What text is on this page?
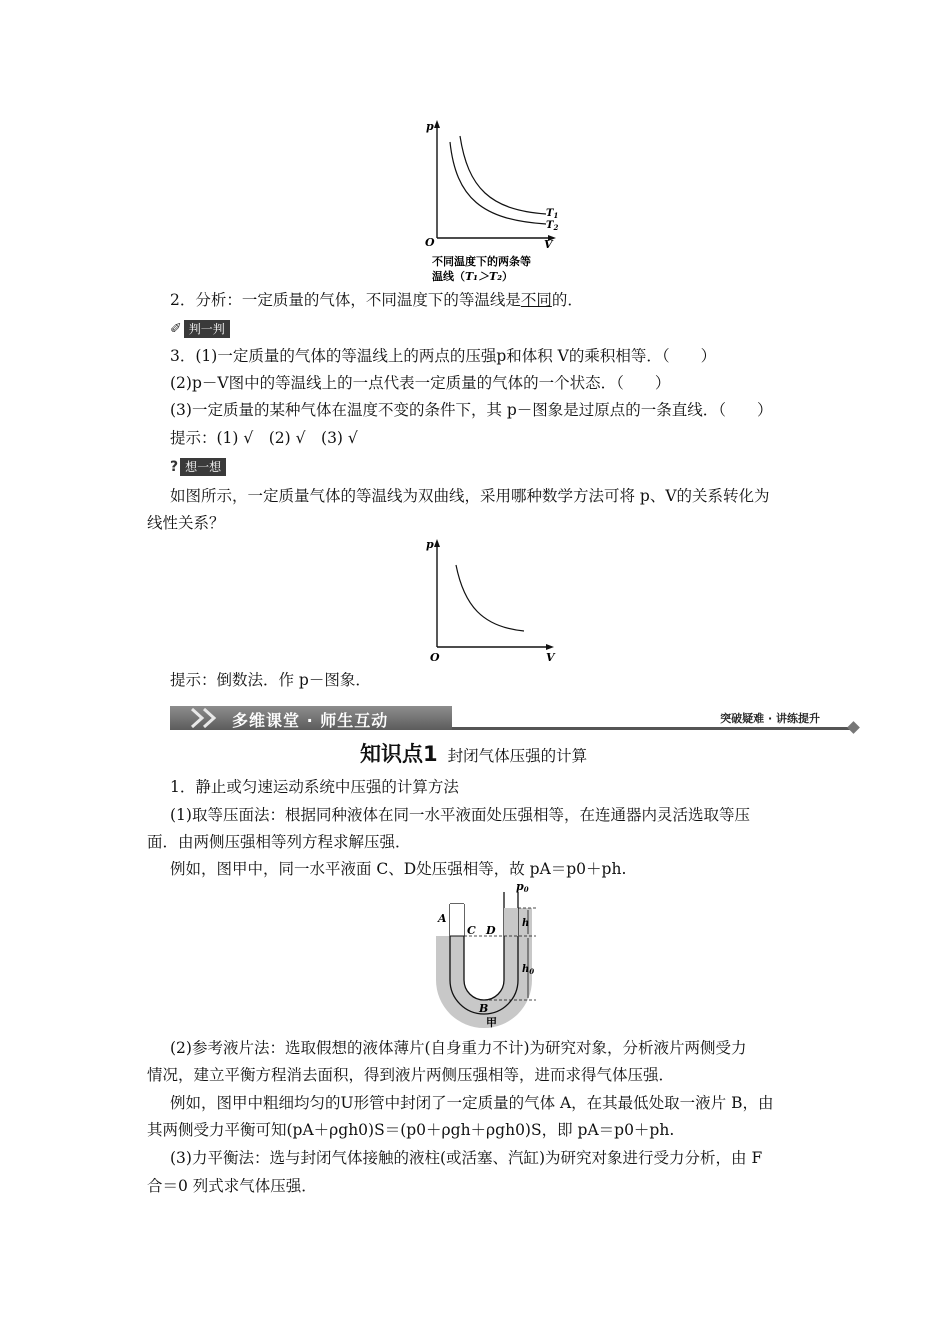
p
O	V
$T_1$
$T_2$
不同温度下的两条等
温线（T₁＞T₂）
2．分析：一定质量的气体，不同温度下的等温线是不同的．
✐ 判一判
3．(1)一定质量的气体的等温线上的两点的压强p和体积 V的乘积相等．（　　）
(2)p－V图中的等温线上的一点代表一定质量的气体的一个状态．（　　）
(3)一定质量的某种气体在温度不变的条件下，其 p－图象是过原点的一条直线．（　　）
提示：(1) √　(2) √　(3) √
? 想一想
如图所示，一定质量气体的等温线为双曲线，采用哪种数学方法可将 p、V的关系转化为
线性关系？
p
O	V
提示：倒数法．作 p－图象．
多维课堂 · 师生互动	突破疑难 · 讲练提升
知识点1 封闭气体压强的计算
1．静止或匀速运动系统中压强的计算方法
(1)取等压面法：根据同种液体在同一水平液面处压强相等，在连通器内灵活选取等压
面．由两侧压强相等列方程求解压强．
例如，图甲中，同一水平液面 C、D处压强相等，故 pA＝p0＋ph.
A
C D
p0
h
$h_0$
B
甲
(2)参考液片法：选取假想的液体薄片(自身重力不计)为研究对象，分析液片两侧受力
情况，建立平衡方程消去面积，得到液片两侧压强相等，进而求得气体压强．
例如，图甲中粗细均匀的U形管中封闭了一定质量的气体 A，在其最低处取一液片 B，由
其两侧受力平衡可知(pA＋ρgh0)S＝(p0＋ρgh＋ρgh0)S，即 pA＝p0＋ph.
(3)力平衡法：选与封闭气体接触的液柱(或活塞、汽缸)为研究对象进行受力分析，由 F
合＝0 列式求气体压强．
